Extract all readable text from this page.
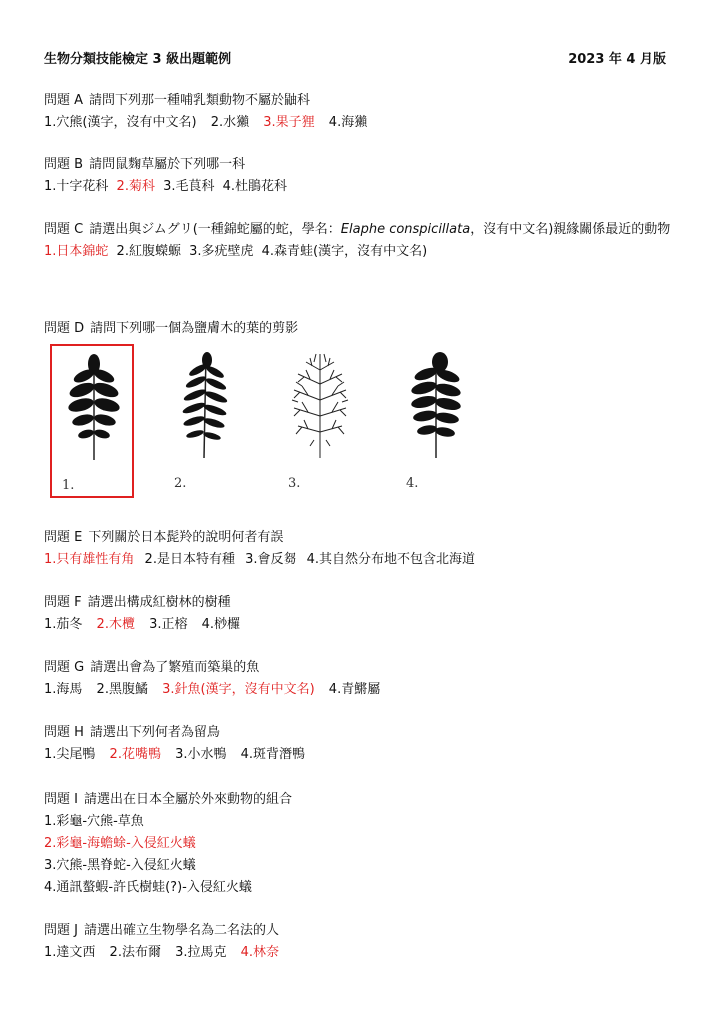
生物分類技能檢定 3 級出題範例	2023 年 4 月版
問題 A 請問下列那一種哺乳類動物不屬於鼬科
1.穴熊(漢字，沒有中文名) 2.水獺 3.果子狸 4.海獺
問題 B 請問鼠麴草屬於下列哪一科
1.十字花科 2.菊科 3.毛茛科 4.杜鵑花科
問題 C 請選出與ジムグリ(一種錦蛇屬的蛇，學名：Elaphe conspicillata，沒有中文名)親緣關係最近的動物
1.日本錦蛇 2.紅腹蠑螈 3.多疣壁虎 4.森青蛙(漢字，沒有中文名)
問題 D 請問下列哪一個為鹽膚木的葉的剪影
1.	2.	3.	4.
問題 E 下列關於日本髭羚的說明何者有誤
1.只有雄性有角 2.是日本特有種 3.會反芻 4.其自然分布地不包含北海道
問題 F 請選出構成紅樹林的樹種
1.茄冬 2.木欖 3.正榕 4.桫欏
問題 G 請選出會為了繁殖而築巢的魚
1.海馬 2.黑腹鱊 3.針魚(漢字，沒有中文名) 4.青鱂屬
問題 H 請選出下列何者為留鳥
1.尖尾鴨 2.花嘴鴨 3.小水鴨 4.斑背潛鴨
問題 I 請選出在日本全屬於外來動物的組合
1.彩龜-穴熊-草魚
2.彩龜-海蟾蜍-入侵紅火蟻
3.穴熊-黑脊蛇-入侵紅火蟻
4.通訊螯蝦-許氏樹蛙(?)-入侵紅火蟻
問題 J 請選出確立生物學名為二名法的人
1.達文西 2.法布爾 3.拉馬克 4.林奈
